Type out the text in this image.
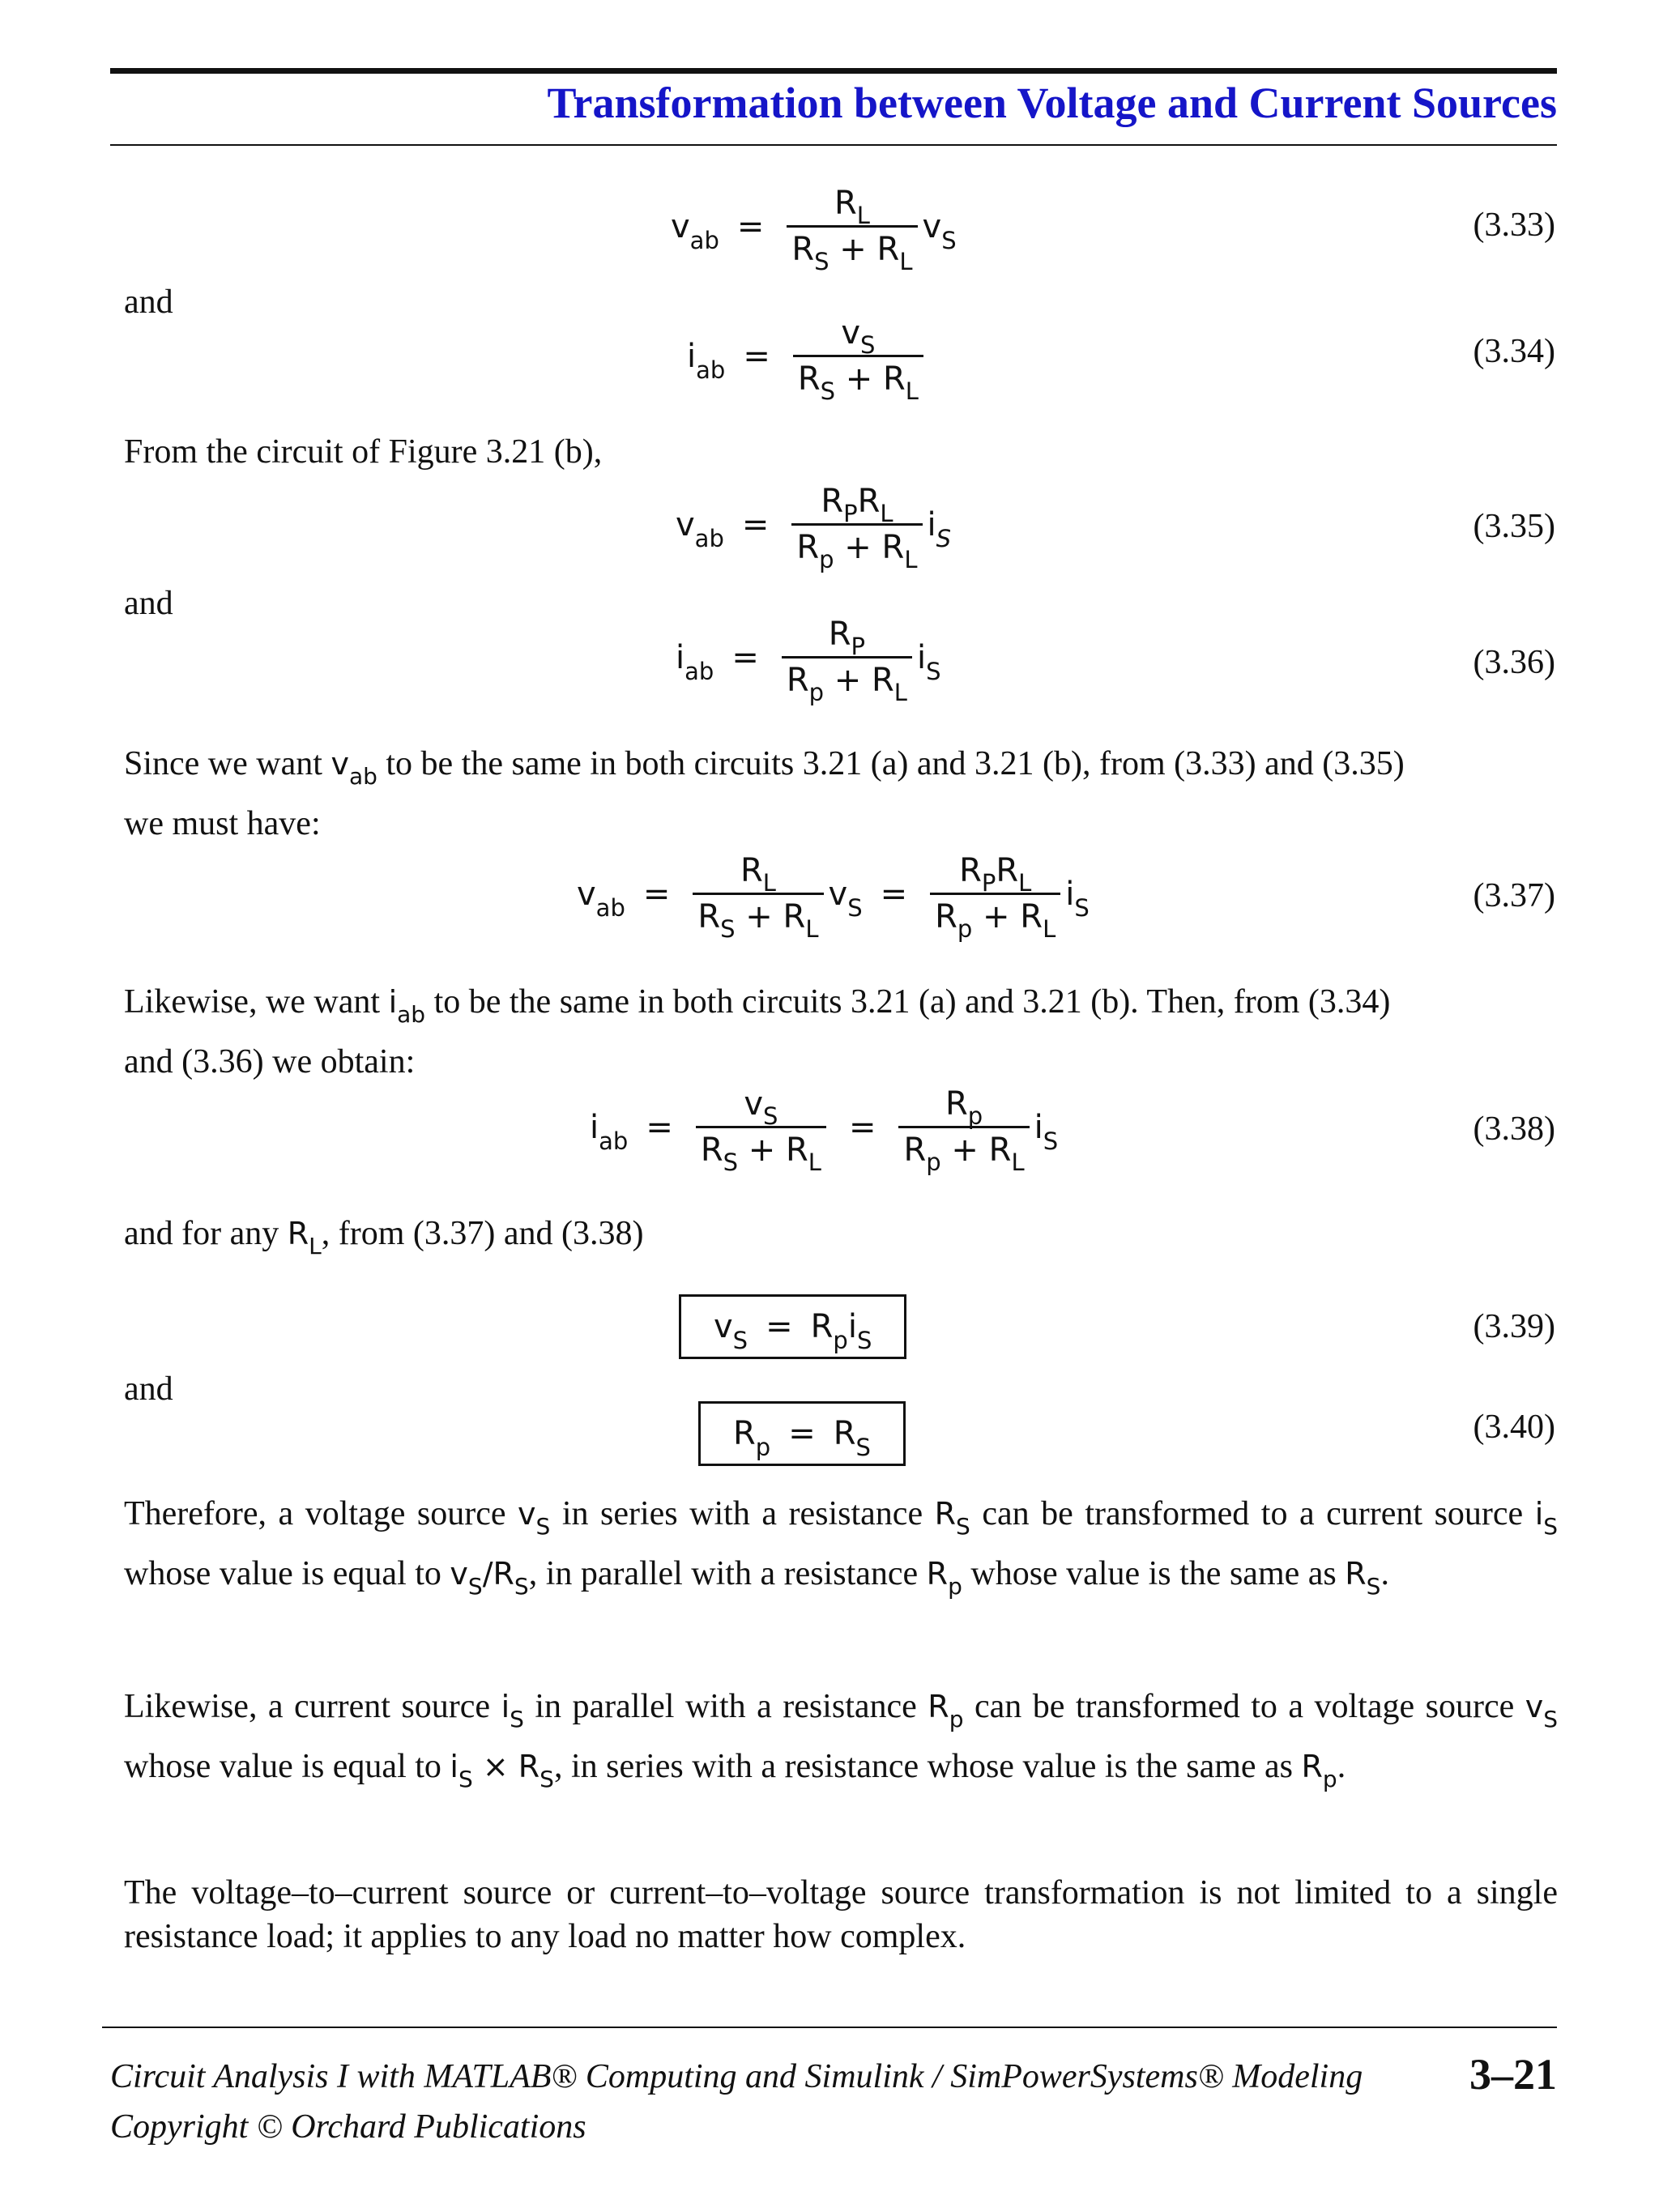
Transformation between Voltage and Current Sources
$v_{ab} = \frac{R_L}{R_S + R_L} v_S$	(3.33)
and
$i_{ab} = \frac{v_S}{R_S + R_L}$	(3.34)
From the circuit of Figure 3.21 (b),
$v_{ab} = \frac{R_PR_L}{R_p + R_L} i_S$	(3.35)
and
$i_{ab} = \frac{R_P}{R_p + R_L} i_S$	(3.36)
Since we want $v_{ab}$ to be the same in both circuits 3.21 (a) and 3.21 (b), from (3.33) and (3.35)
we must have:
$v_{ab} = \frac{R_L}{R_S + R_L} v_S = \frac{R_PR_L}{R_p + R_L} i_S$	(3.37)
Likewise, we want $i_{ab}$ to be the same in both circuits 3.21 (a) and 3.21 (b). Then, from (3.34)
and (3.36) we obtain:
$i_{ab} = \frac{v_S}{R_S + R_L} = \frac{R_p}{R_p + R_L} i_S$	(3.38)
and for any $R_L$, from (3.37) and (3.38)
$v_S = R_pi_S$	(3.39)
and
$R_p = R_S$
(3.40)
Therefore, a voltage source $v_S$ in series with a resistance $R_S$ can be transformed to a current source $i_S$ whose value is equal to $v_S/R_S$, in parallel with a resistance $R_p$ whose value is the same as $R_S$.
Likewise, a current source $i_S$ in parallel with a resistance $R_p$ can be transformed to a voltage source $v_S$ whose value is equal to $i_S \times R_S$, in series with a resistance whose value is the same as $R_p$.
The voltage–to–current source or current–to–voltage source transformation is not limited to a single resistance load; it applies to any load no matter how complex.
Circuit Analysis I with MATLAB® Computing and Simulink / SimPowerSystems® Modeling
Copyright © Orchard Publications
3–21
